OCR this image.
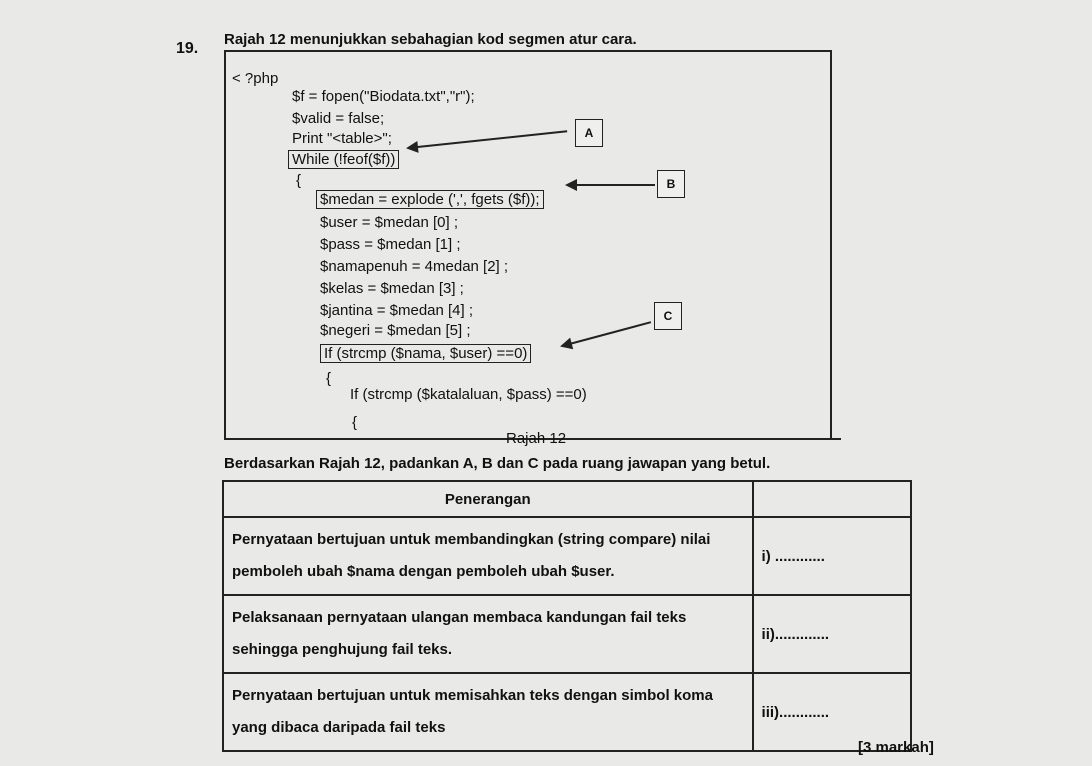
19.
Rajah 12 menunjukkan sebahagian kod segmen atur cara.
< ?php
$f = fopen("Biodata.txt","r");
$valid = false;
Print "<table>";
While (!feof($f))
{
$medan = explode (',', fgets ($f));
$user = $medan [0] ;
$pass = $medan [1] ;
$namapenuh = 4medan [2] ;
$kelas = $medan [3] ;
$jantina = $medan [4] ;
$negeri = $medan [5] ;
If (strcmp ($nama, $user) ==0)
{
If (strcmp ($katalaluan, $pass) ==0)
{
A
B
C
Rajah 12
Berdasarkan Rajah 12, padankan A, B dan C pada ruang jawapan yang betul.
Penerangan	
Pernyataan bertujuan untuk membandingkan (string compare) nilai pemboleh ubah $nama dengan pemboleh ubah $user.	i) ............
Pelaksanaan pernyataan ulangan membaca kandungan fail teks sehingga penghujung fail teks.	ii).............
Pernyataan bertujuan untuk memisahkan teks dengan simbol koma yang dibaca daripada fail teks	iii)............
[3 markah]
